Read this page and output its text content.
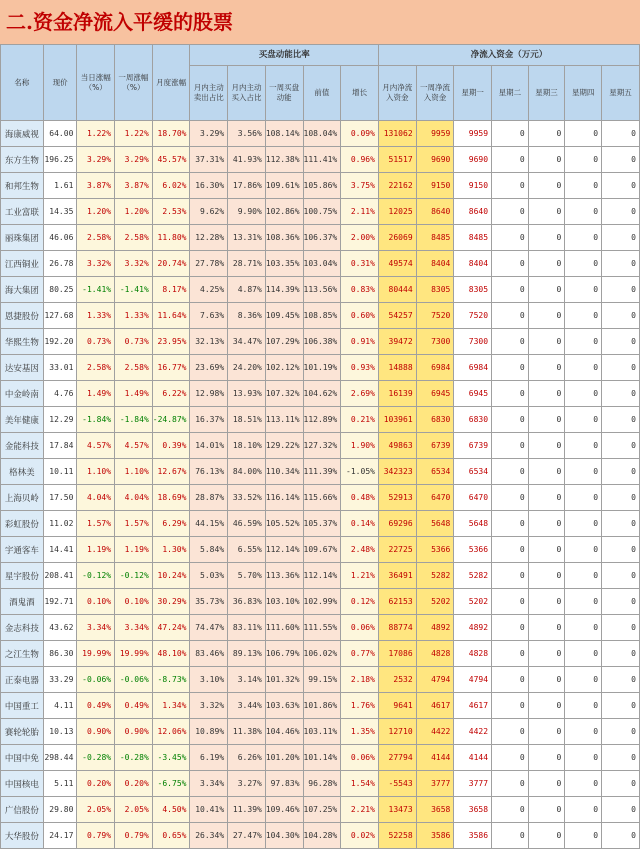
二.资金净流入平缓的股票
名称	现价	当日涨幅（%）	一周涨幅（%）	月度涨幅	买盘动能比率					净流入资金（万元）						
					月内主动卖出占比	月内主动买入占比	一周买盘动能	前值	增长	月内净流入资金	一周净流入资金	星期一	星期二	星期三	星期四	星期五
海康威视	64.00	1.22%	1.22%	18.70%	3.29%	3.56%	108.14%	108.04%	0.09%	131062	9959	9959	0	0	0	0
东方生物	196.25	3.29%	3.29%	45.57%	37.31%	41.93%	112.38%	111.41%	0.96%	51517	9690	9690	0	0	0	0
和邦生物	1.61	3.87%	3.87%	6.02%	16.30%	17.86%	109.61%	105.86%	3.75%	22162	9150	9150	0	0	0	0
工业富联	14.35	1.20%	1.20%	2.53%	9.62%	9.90%	102.86%	100.75%	2.11%	12025	8640	8640	0	0	0	0
丽珠集团	46.06	2.58%	2.58%	11.80%	12.28%	13.31%	108.36%	106.37%	2.00%	26069	8485	8485	0	0	0	0
江西铜业	26.78	3.32%	3.32%	20.74%	27.78%	28.71%	103.35%	103.04%	0.31%	49574	8404	8404	0	0	0	0
海大集团	80.25	-1.41%	-1.41%	8.17%	4.25%	4.87%	114.39%	113.56%	0.83%	80444	8305	8305	0	0	0	0
恩捷股份	127.68	1.33%	1.33%	11.64%	7.63%	8.36%	109.45%	108.85%	0.60%	54257	7520	7520	0	0	0	0
华熙生物	192.20	0.73%	0.73%	23.95%	32.13%	34.47%	107.29%	106.38%	0.91%	39472	7300	7300	0	0	0	0
达安基因	33.01	2.58%	2.58%	16.77%	23.69%	24.20%	102.12%	101.19%	0.93%	14888	6984	6984	0	0	0	0
中金岭南	4.76	1.49%	1.49%	6.22%	12.98%	13.93%	107.32%	104.62%	2.69%	16139	6945	6945	0	0	0	0
美年健康	12.29	-1.84%	-1.84%	-24.87%	16.37%	18.51%	113.11%	112.89%	0.21%	103961	6830	6830	0	0	0	0
金能科技	17.84	4.57%	4.57%	0.39%	14.01%	18.10%	129.22%	127.32%	1.90%	49863	6739	6739	0	0	0	0
格林美	10.11	1.10%	1.10%	12.67%	76.13%	84.00%	110.34%	111.39%	-1.05%	342323	6534	6534	0	0	0	0
上海贝岭	17.50	4.04%	4.04%	18.69%	28.87%	33.52%	116.14%	115.66%	0.48%	52913	6470	6470	0	0	0	0
彩虹股份	11.02	1.57%	1.57%	6.29%	44.15%	46.59%	105.52%	105.37%	0.14%	69296	5648	5648	0	0	0	0
宇通客车	14.41	1.19%	1.19%	1.30%	5.84%	6.55%	112.14%	109.67%	2.48%	22725	5366	5366	0	0	0	0
星宇股份	208.41	-0.12%	-0.12%	10.24%	5.03%	5.70%	113.36%	112.14%	1.21%	36491	5282	5282	0	0	0	0
酒鬼酒	192.71	0.10%	0.10%	30.29%	35.73%	36.83%	103.10%	102.99%	0.12%	62153	5202	5202	0	0	0	0
金志科技	43.62	3.34%	3.34%	47.24%	74.47%	83.11%	111.60%	111.55%	0.06%	88774	4892	4892	0	0	0	0
之江生物	86.30	19.99%	19.99%	48.10%	83.46%	89.13%	106.79%	106.02%	0.77%	17086	4828	4828	0	0	0	0
正泰电器	33.29	-0.06%	-0.06%	-8.73%	3.10%	3.14%	101.32%	99.15%	2.18%	2532	4794	4794	0	0	0	0
中国重工	4.11	0.49%	0.49%	1.34%	3.32%	3.44%	103.63%	101.86%	1.76%	9641	4617	4617	0	0	0	0
赛轮轮胎	10.13	0.90%	0.90%	12.06%	10.89%	11.38%	104.46%	103.11%	1.35%	12710	4422	4422	0	0	0	0
中国中免	298.44	-0.28%	-0.28%	-3.45%	6.19%	6.26%	101.20%	101.14%	0.06%	27794	4144	4144	0	0	0	0
中国核电	5.11	0.20%	0.20%	-6.75%	3.34%	3.27%	97.83%	96.28%	1.54%	-5543	3777	3777	0	0	0	0
广信股份	29.80	2.05%	2.05%	4.50%	10.41%	11.39%	109.46%	107.25%	2.21%	13473	3658	3658	0	0	0	0
大华股份	24.17	0.79%	0.79%	0.65%	26.34%	27.47%	104.30%	104.28%	0.02%	52258	3586	3586	0	0	0	0
